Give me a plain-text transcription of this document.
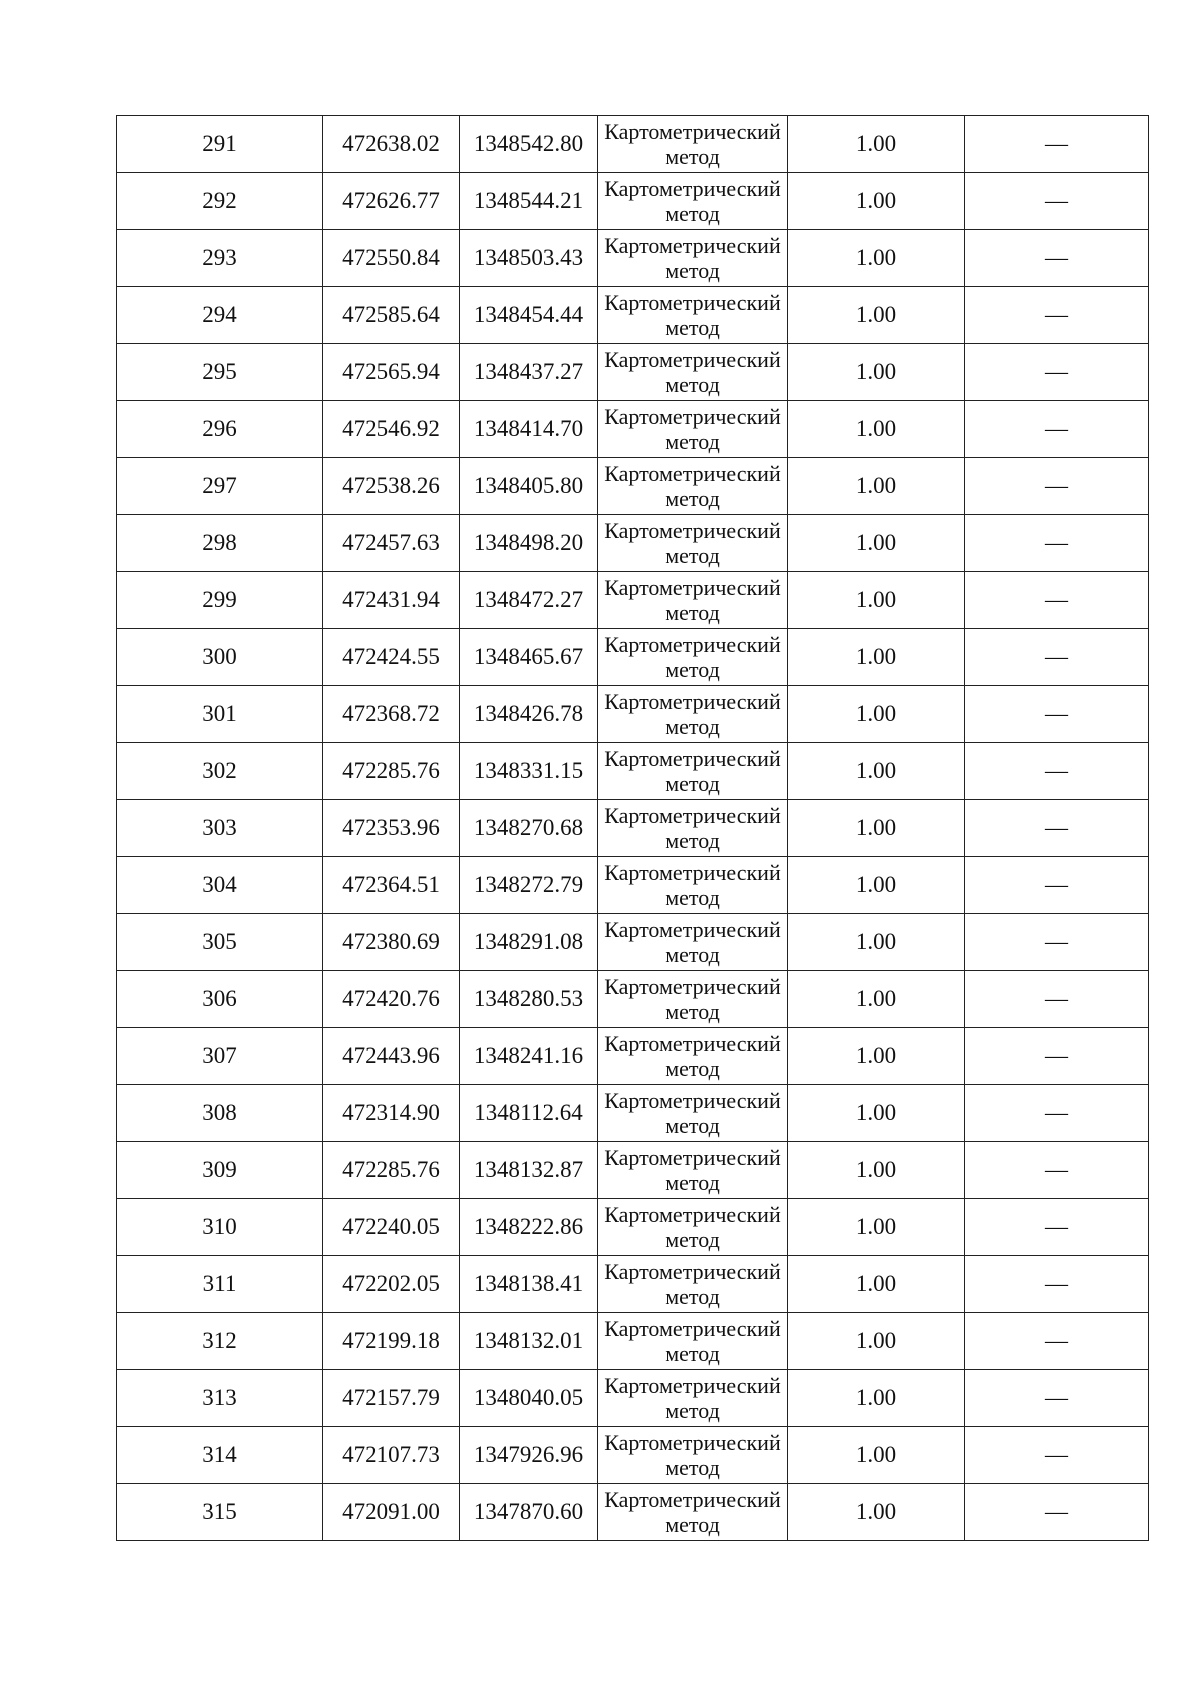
291	472638.02	1348542.80	Картометрический метод	1.00	—
292	472626.77	1348544.21	Картометрический метод	1.00	—
293	472550.84	1348503.43	Картометрический метод	1.00	—
294	472585.64	1348454.44	Картометрический метод	1.00	—
295	472565.94	1348437.27	Картометрический метод	1.00	—
296	472546.92	1348414.70	Картометрический метод	1.00	—
297	472538.26	1348405.80	Картометрический метод	1.00	—
298	472457.63	1348498.20	Картометрический метод	1.00	—
299	472431.94	1348472.27	Картометрический метод	1.00	—
300	472424.55	1348465.67	Картометрический метод	1.00	—
301	472368.72	1348426.78	Картометрический метод	1.00	—
302	472285.76	1348331.15	Картометрический метод	1.00	—
303	472353.96	1348270.68	Картометрический метод	1.00	—
304	472364.51	1348272.79	Картометрический метод	1.00	—
305	472380.69	1348291.08	Картометрический метод	1.00	—
306	472420.76	1348280.53	Картометрический метод	1.00	—
307	472443.96	1348241.16	Картометрический метод	1.00	—
308	472314.90	1348112.64	Картометрический метод	1.00	—
309	472285.76	1348132.87	Картометрический метод	1.00	—
310	472240.05	1348222.86	Картометрический метод	1.00	—
311	472202.05	1348138.41	Картометрический метод	1.00	—
312	472199.18	1348132.01	Картометрический метод	1.00	—
313	472157.79	1348040.05	Картометрический метод	1.00	—
314	472107.73	1347926.96	Картометрический метод	1.00	—
315	472091.00	1347870.60	Картометрический метод	1.00	—
